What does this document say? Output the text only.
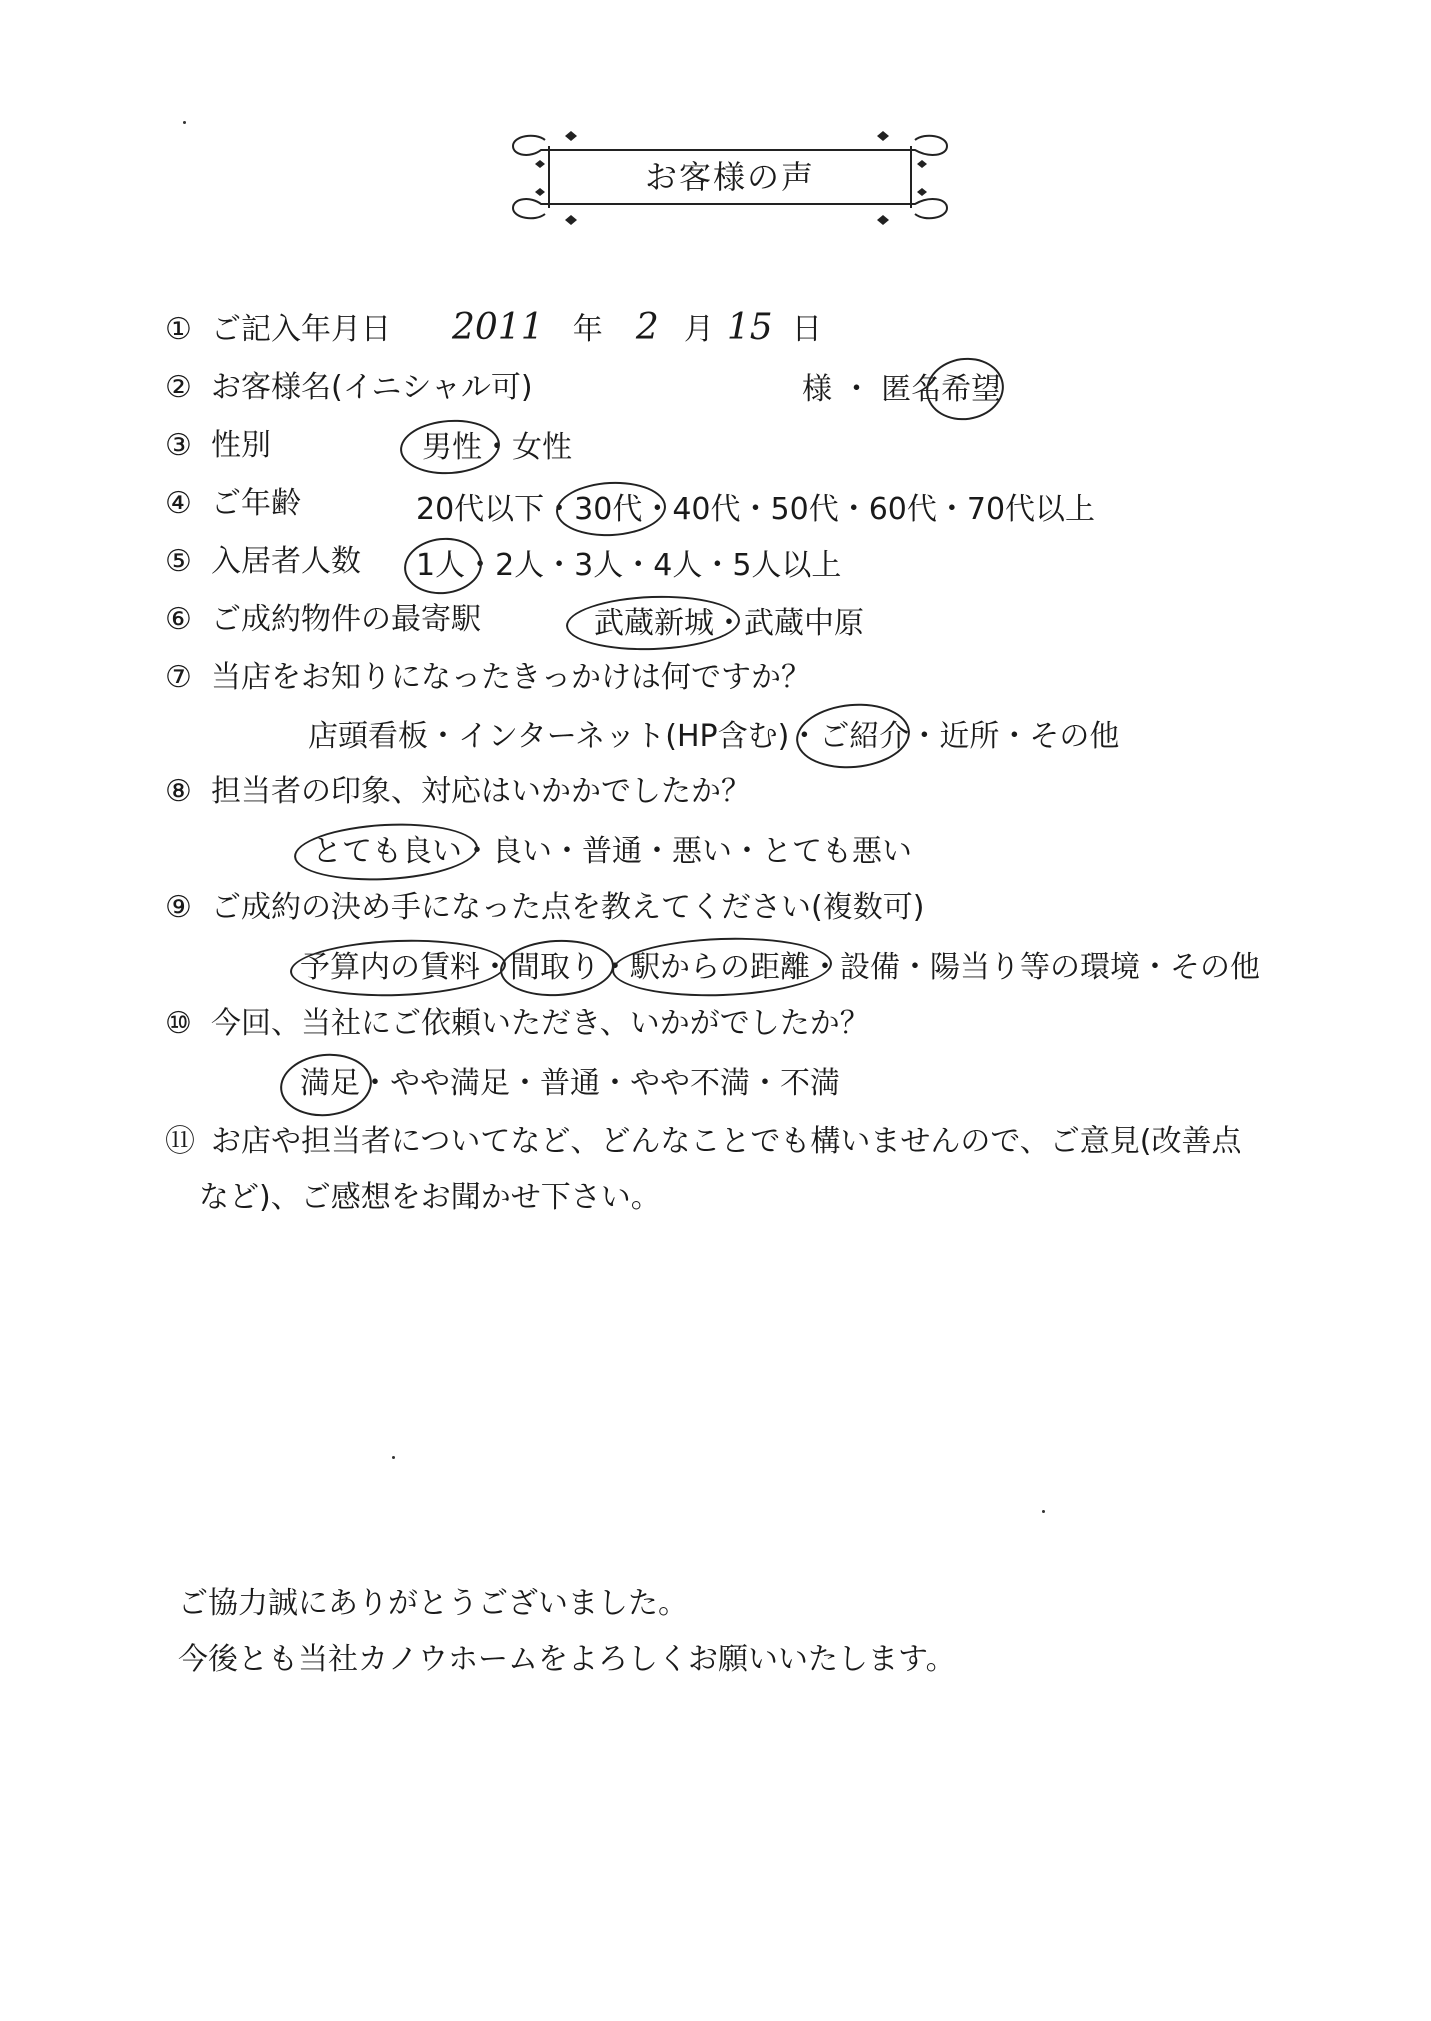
お客様の声
① ご記入年月日 2011 年 2 月 15 日
② お客様名(イニシャル可)	様 ・ 匿名希望
③ 性別	男性・女性
④ ご年齢	20代以下・30代・40代・50代・60代・70代以上
⑤ 入居者人数 1人・2人・3人・4人・5人以上
⑥ ご成約物件の最寄駅	武蔵新城・武蔵中原
⑦ 当店をお知りになったきっかけは何ですか？
店頭看板・インターネット(HP含む)・ご紹介・近所・その他
⑧ 担当者の印象、対応はいかかでしたか？
とても良い・良い・普通・悪い・とても悪い
⑨ ご成約の決め手になった点を教えてください(複数可)
予算内の賃料・間取り・駅からの距離・設備・陽当り等の環境・その他
⑩ 今回、当社にご依頼いただき、いかがでしたか？
満足・やや満足・普通・やや不満・不満
⑪ お店や担当者についてなど、どんなことでも構いませんので、ご意見(改善点
など)、ご感想をお聞かせ下さい。
ご協力誠にありがとうございました。
今後とも当社カノウホームをよろしくお願いいたします。
